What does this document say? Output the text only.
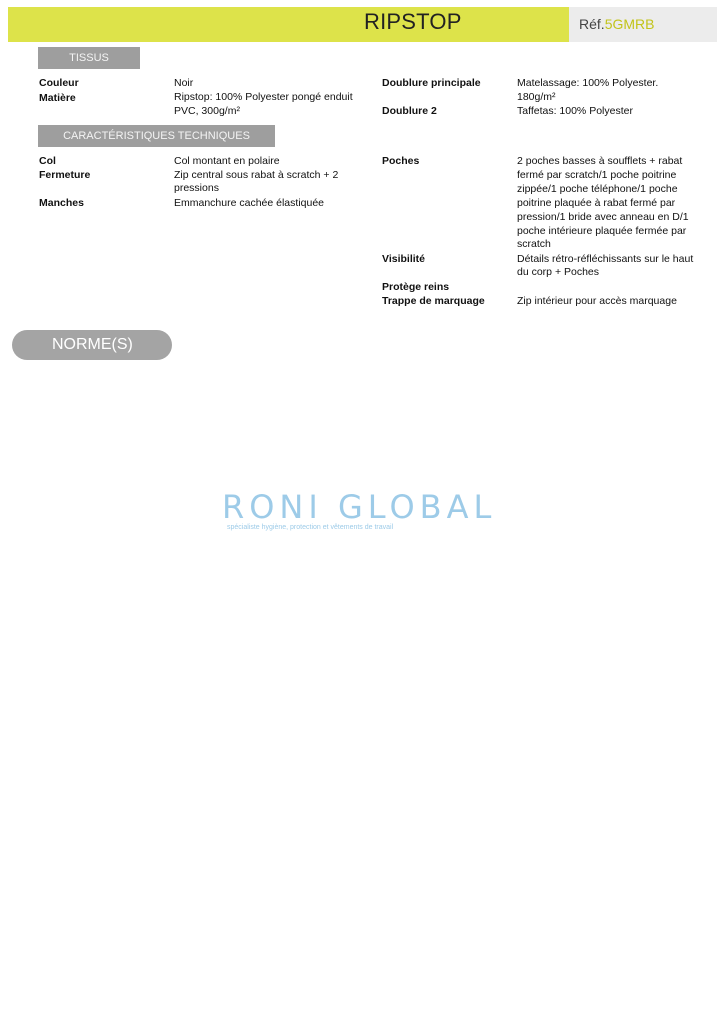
RIPSTOP	Réf.5GMRB
TISSUS
Couleur	Noir
Matière	Ripstop: 100% Polyester pongé enduit
PVC, 300g/m²
Doublure principale	Matelassage: 100% Polyester.
180g/m²
Doublure 2	Taffetas: 100% Polyester
CARACTÉRISTIQUES TECHNIQUES
Col	Col montant en polaire
Fermeture	Zip central sous rabat à scratch + 2
pressions
Manches	Emmanchure cachée élastiquée
Poches	2 poches basses à soufflets + rabat
fermé par scratch/1 poche poitrine
zippée/1 poche téléphone/1 poche
poitrine plaquée à rabat fermé par
pression/1 bride avec anneau en D/1
poche intérieure plaquée fermée par
scratch
Visibilité	Détails rétro-réfléchissants sur le haut
du corp + Poches
Protège reins
Trappe de marquage	Zip intérieur pour accès marquage
NORME(S)
RONI GLOBAL
spécialiste hygiène, protection et vêtements de travail
